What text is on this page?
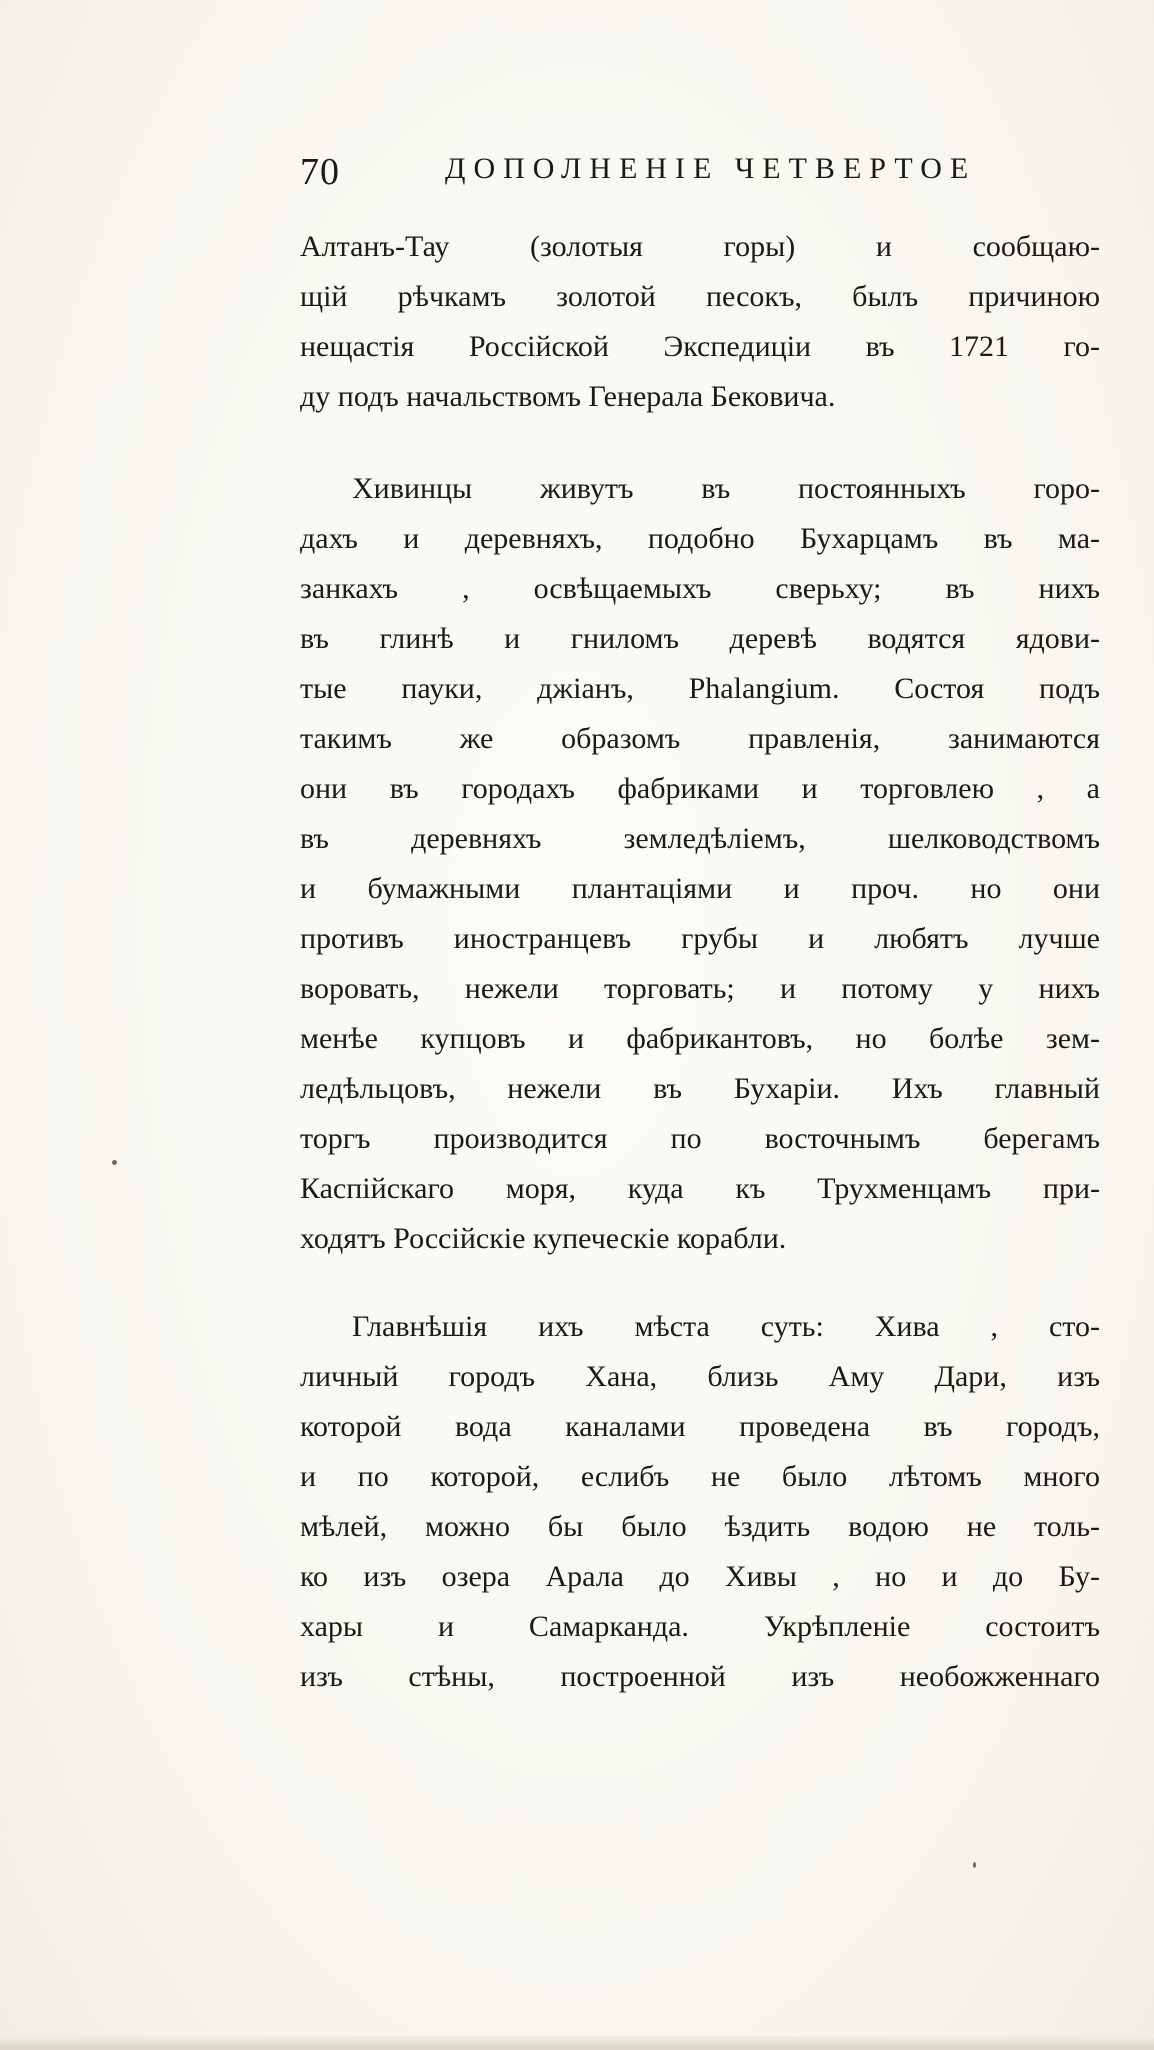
70	ДОПОЛНЕНІЕ ЧЕТВЕРТОЕ
Алтанъ-Тау (золотыя горы) и сообщаю-
щій рѣчкамъ золотой песокъ, былъ причиною
нещастія Россійской Экспедиціи въ 1721 го-
ду подъ начальствомъ Генерала Бековича.
Хивинцы живутъ въ постоянныхъ горо-
дахъ и деревняхъ, подобно Бухарцамъ въ ма-
занкахъ , освѣщаемыхъ сверьху; въ нихъ
въ глинѣ и гниломъ деревѣ водятся ядови-
тые пауки, джіанъ, Phalangium. Состоя подъ
такимъ же образомъ правленія, занимаются
они въ городахъ фабриками и торговлею , а
въ деревняхъ земледѣліемъ, шелководствомъ
и бумажными плантаціями и проч. но они
противъ иностранцевъ грубы и любятъ лучше
воровать, нежели торговать; и потому у нихъ
менѣе купцовъ и фабрикантовъ, но болѣе зем-
ледѣльцовъ, нежели въ Бухаріи. Ихъ главный
торгъ производится по восточнымъ берегамъ
Каспійскаго моря, куда къ Трухменцамъ при-
ходятъ Россійскіе купеческіе корабли.
Главнѣшія ихъ мѣста суть: Хива , сто-
личный городъ Хана, близь Аму Дари, изъ
которой вода каналами проведена въ городъ,
и по которой, еслибъ не было лѣтомъ много
мѣлей, можно бы было ѣздить водою не толь-
ко изъ озера Арала до Хивы , но и до Бу-
хары и Самарканда. Укрѣпленіе состоитъ
изъ стѣны, построенной изъ необожженнаго
